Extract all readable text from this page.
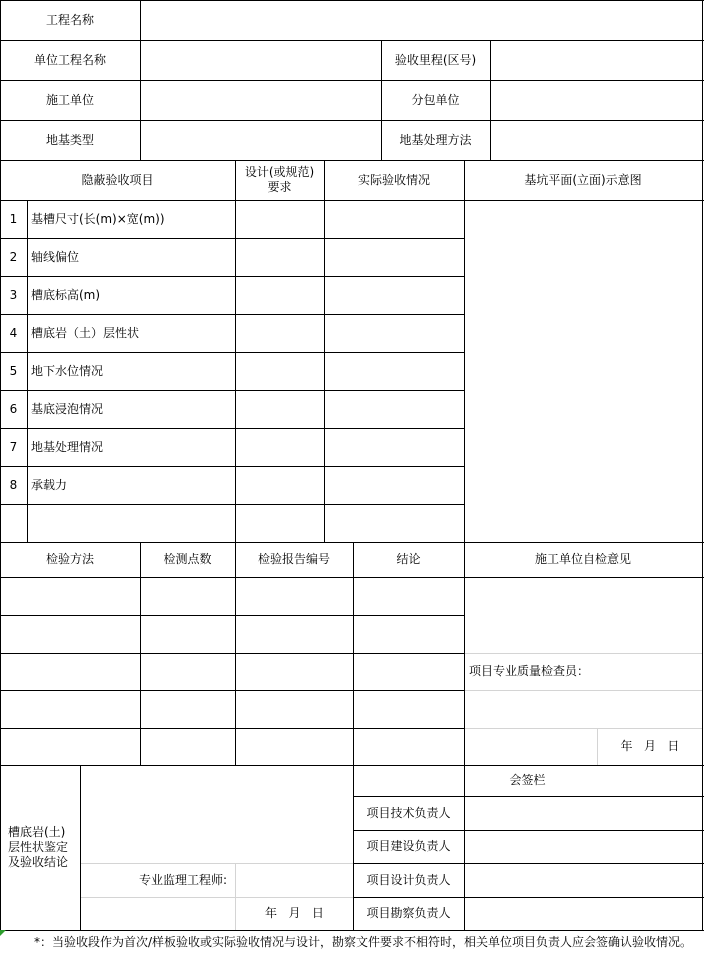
工程名称
单位工程名称	验收里程(区号)
施工单位	分包单位
地基类型	地基处理方法
隐蔽验收项目
设计(或规范)
要求
实际验收情况	基坑平面(立面)示意图
1	基槽尺寸(长(m)×宽(m))
2	轴线偏位
3	槽底标高(m)
4	槽底岩（土）层性状
5	地下水位情况
6	基底浸泡情况
7	地基处理情况
8	承载力
检验方法	检测点数	检验报告编号	结论	施工单位自检意见
项目专业质量检查员：
年   月   日
槽底岩(土)
层性状鉴定
及验收结论
专业监理工程师:
年   月   日
会签栏
项目技术负责人
项目建设负责人
项目设计负责人
项目勘察负责人
*：当验收段作为首次/样板验收或实际验收情况与设计，勘察文件要求不相符时，相关单位项目负责人应会签确认验收情况。
